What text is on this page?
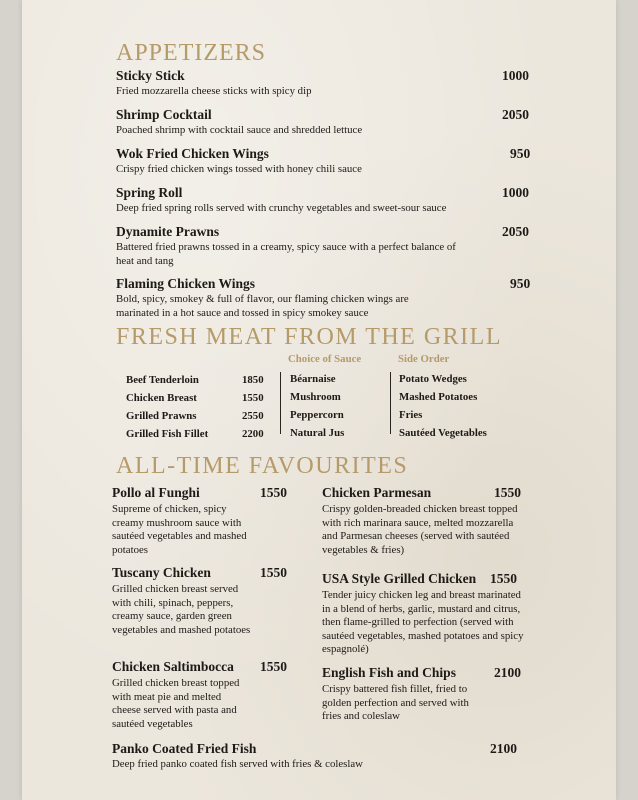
APPETIZERS
Sticky Stick
Fried mozzarella cheese sticks with spicy dip
1000
Shrimp Cocktail
Poached shrimp with cocktail sauce and shredded lettuce
2050
Wok Fried Chicken Wings
Crispy fried chicken wings tossed with honey chili sauce
950
Spring Roll
Deep fried spring rolls served with crunchy vegetables and sweet-sour sauce
1000
Dynamite Prawns
Battered fried prawns tossed in a creamy, spicy sauce with a perfect balance of heat and tang
2050
Flaming Chicken Wings
Bold, spicy, smokey & full of flavor, our flaming chicken wings are marinated in a hot sauce and tossed in spicy smokey sauce
950
FRESH MEAT FROM THE GRILL
Choice of Sauce	Side Order
Beef Tenderloin	1850
Chicken Breast	1550
Grilled Prawns	2550
Grilled Fish Fillet	2200
Béarnaise
Mushroom
Peppercorn
Natural Jus
Potato Wedges
Mashed Potatoes
Fries
Sautéed Vegetables
ALL-TIME FAVOURITES
Pollo al Funghi
Supreme of chicken, spicy creamy mushroom sauce with sautéed vegetables and mashed potatoes
1550
Tuscany Chicken
Grilled chicken breast served with chili, spinach, peppers, creamy sauce, garden green vegetables and mashed potatoes
1550
Chicken Saltimbocca
Grilled chicken breast topped with meat pie and melted cheese served with pasta and sautéed vegetables
1550
Chicken Parmesan
Crispy golden-breaded chicken breast topped with rich marinara sauce, melted mozzarella and Parmesan cheeses (served with sautéed vegetables & fries)
1550
USA Style Grilled Chicken
Tender juicy chicken leg and breast marinated in a blend of herbs, garlic, mustard and citrus, then flame-grilled to perfection (served with sautéed vegetables, mashed potatoes and spicy espagnolé)
1550
English Fish and Chips
Crispy battered fish fillet, fried to golden perfection and served with fries and coleslaw
2100
Panko Coated Fried Fish
Deep fried panko coated fish served with fries & coleslaw
2100
